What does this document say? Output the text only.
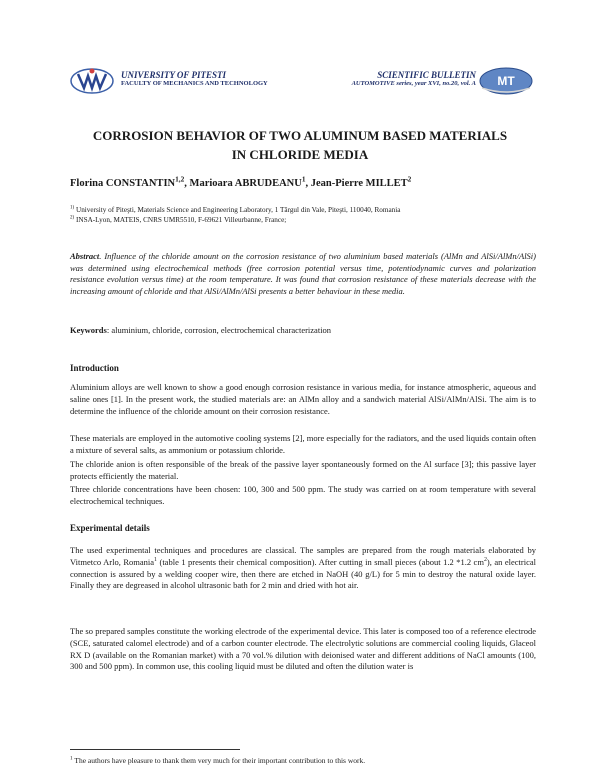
MT
UNIVERSITY OF PITESTI
FACULTY OF MECHANICS AND TECHNOLOGY
SCIENTIFIC BULLETIN
AUTOMOTIVE series, year XVI, no.20, vol. A
CORROSION BEHAVIOR OF TWO ALUMINUM BASED MATERIALS
IN CHLORIDE MEDIA
Florina CONSTANTIN$^{1,2}$, Marioara ABRUDEANU$^1$, Jean-Pierre MILLET$^2$
$^{1)}$ University of Piteşti, Materials Science and Engineering Laboratory, 1 Târgul din Vale, Piteşti, 110040, Romania
$^{2)}$ INSA-Lyon, MATEIS, CNRS UMR5510, F-69621 Villeurbanne, France;
Abstract. Influence of the chloride amount on the corrosion resistance of two aluminium based materials (AlMn and AlSi/AlMn/AlSi) was determined using electrochemical methods (free corrosion potential versus time, potentiodynamic curves and polarization resistance evolution versus time) at the room temperature. It was found that corrosion resistance of these materials decrease with the increasing amount of chloride and that AlSi/AlMn/AlSi presents a better behaviour in these media.
Keywords: aluminium, chloride, corrosion, electrochemical characterization
Introduction
Aluminium alloys are well known to show a good enough corrosion resistance in various media, for instance atmospheric, aqueous and saline ones [1]. In the present work, the studied materials are: an AlMn alloy and a sandwich material AlSi/AlMn/AlSi. The aim is to determine the influence of the chloride amount on their corrosion resistance.
These materials are employed in the automotive cooling systems [2], more especially for the radiators, and the used liquids contain often a mixture of several salts, as ammonium or potassium chloride.
The chloride anion is often responsible of the break of the passive layer spontaneously formed on the Al surface [3]; this passive layer protects efficiently the material.
Three chloride concentrations have been chosen: 100, 300 and 500 ppm. The study was carried on at room temperature with several electrochemical techniques.
Experimental details
The used experimental techniques and procedures are classical. The samples are prepared from the rough materials elaborated by Vitmetco Arlo, Romania$^1$ (table 1 presents their chemical composition). After cutting in small pieces (about 1.2 *1.2 $cm^2$), an electrical connection is assured by a welding cooper wire, then there are etched in NaOH (40 g/L) for 5 min to destroy the natural oxide layer. Finally they are degreased in alcohol ultrasonic bath for 2 min and dried with hot air.
The so prepared samples constitute the working electrode of the experimental device. This later is composed too of a reference electrode (SCE, saturated calomel electrode) and of a carbon counter electrode. The electrolytic solutions are commercial cooling liquids, Glaceol RX D (available on the Romanian market) with a 70 vol.% dilution with deionised water and different additions of NaCl amounts (100, 300 and 500 ppm). In common use, this cooling liquid must be diluted and often the dilution water is
$^1$ The authors have pleasure to thank them very much for their important contribution to this work.
